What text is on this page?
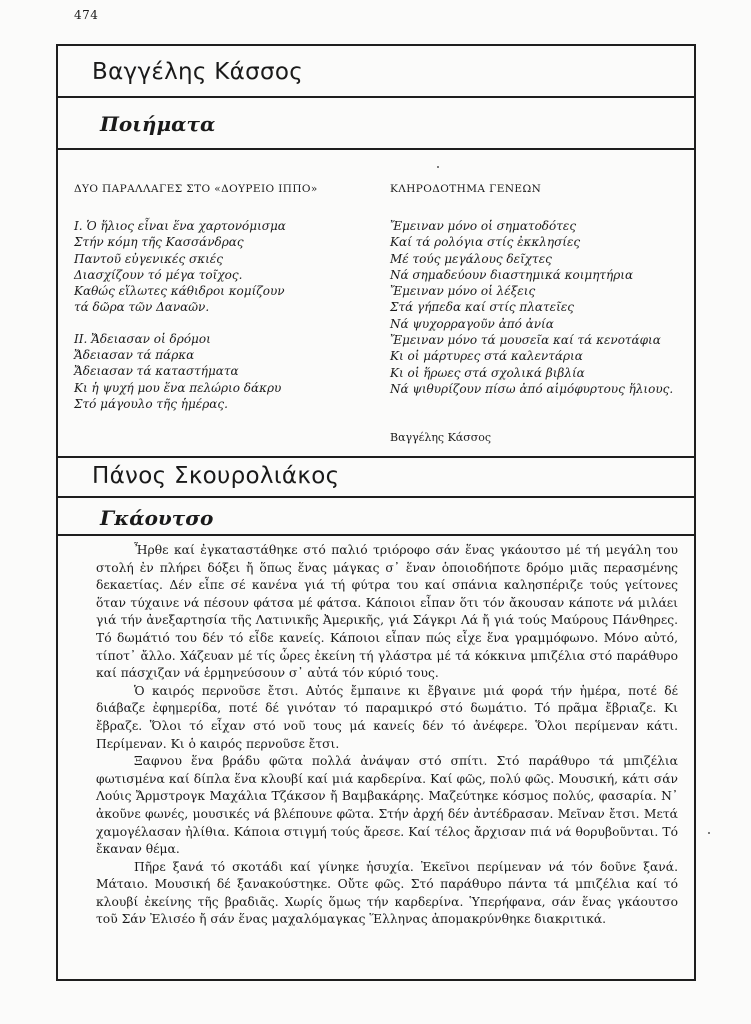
474
Βαγγέλης Κάσσος
Ποιήματα
ΔΥΟ ΠΑΡΑΛΛΑΓΕΣ ΣΤΟ «ΔΟΥΡΕΙΟ ΙΠΠΟ»
Ι. Ὁ ἥλιος εἶναι ἕνα χαρτονόμισμα
Στήν κόμη τῆς Κασσάνδρας
Παντοῦ εὐγενικές σκιές
Διασχίζουν τό μέγα τοῖχος.
Καθώς εἵλωτες κάθιδροι κομίζουν
τά δῶρα τῶν Δαναῶν.
ΙΙ. Ἄδειασαν οἱ δρόμοι
Ἄδειασαν τά πάρκα
Ἄδειασαν τά καταστήματα
Κι ἡ ψυχή μου ἕνα πελώριο δάκρυ
Στό μάγουλο τῆς ἡμέρας.
ΚΛΗΡΟΔΟΤΗΜΑ ΓΕΝΕΩΝ
Ἔμειναν μόνο οἱ σηματοδότες
Καί τά ρολόγια στίς ἐκκλησίες
Μέ τούς μεγάλους δεῖχτες
Νά σημαδεύουν διαστημικά κοιμητήρια
Ἔμειναν μόνο οἱ λέξεις
Στά γήπεδα καί στίς πλατεῖες
Νά ψυχορραγοῦν ἀπό ἀνία
Ἔμειναν μόνο τά μουσεῖα καί τά κενοτάφια
Κι οἱ μάρτυρες στά καλεντάρια
Κι οἱ ἥρωες στά σχολικά βιβλία
Νά ψιθυρίζουν πίσω ἀπό αἱμόφυρτους ἥλιους.
Βαγγέλης Κάσσος
Πάνος Σκουρολιάκος
Γκάουτσο

Ἦρθε καί ἐγκαταστάθηκε στό παλιό τριόροφο σάν ἕνας γκάουτσο μέ τή μεγάλη του στολή ἐν πλήρει δόξει ἤ ὅπως ἕνας μάγκας σ᾽ ἕναν ὁποιοδήποτε δρόμο μιᾶς περασμένης δεκαετίας. Δέν εἶπε σέ κανένα γιά τή φύτρα του καί σπάνια καλησπέριζε τούς γείτονες ὅταν τύχαινε νά πέσουν φάτσα μέ φάτσα. Κάποιοι εἶπαν ὅτι τόν ἄκουσαν κάποτε νά μιλάει γιά τήν ἀνεξαρτησία τῆς Λατινικῆς Ἀμερικῆς, γιά Σάγκρι Λά ἤ γιά τούς Μαύρους Πάνθηρες. Τό δωμάτιό του δέν τό εἶδε κανείς. Κάποιοι εἶπαν πώς εἶχε ἕνα γραμμόφωνο. Μόνο αὐτό, τίποτ᾽ ἄλλο. Χάζευαν μέ τίς ὧρες ἐκείνη τή γλάστρα μέ τά κόκκινα μπιζέλια στό παράθυρο καί πάσχιζαν νά ἑρμηνεύσουν σ᾽ αὐτά τόν κύριό τους.

Ὁ καιρός περνοῦσε ἔτσι. Αὐτός ἔμπαινε κι ἔβγαινε μιά φορά τήν ἡμέρα, ποτέ δέ διάβαζε ἐφημερίδα, ποτέ δέ γινόταν τό παραμικρό στό δωμάτιο. Τό πρᾶμα ἔβριαζε. Κι ἔβραζε. Ὅλοι τό εἶχαν στό νοῦ τους μά κανείς δέν τό ἀνέφερε. Ὅλοι περίμεναν κάτι. Περίμεναν. Κι ὁ καιρός περνοῦσε ἔτσι.

Ξαφνου ἕνα βράδυ φῶτα πολλά ἀνάψαν στό σπίτι. Στό παράθυρο τά μπιζέλια φωτισμένα καί δίπλα ἕνα κλουβί καί μιά καρδερίνα. Καί φῶς, πολύ φῶς. Μουσική, κάτι σάν Λούις Ἄρμστρογκ Μαχάλια Τζάκσον ἤ Βαμβακάρης. Μαζεύτηκε κόσμος πολύς, φασαρία. Ν᾽ ἀκοῦνε φωνές, μουσικές νά βλέπουνε φῶτα. Στήν ἀρχή δέν ἀντέδρασαν. Μεῖναν ἔτσι. Μετά χαμογέλασαν ἠλίθια. Κάποια στιγμή τούς ἄρεσε. Καί τέλος ἄρχισαν πιά νά θορυβοῦνται. Τό ἔκαναν θέμα.

Πῆρε ξανά τό σκοτάδι καί γίνηκε ἡσυχία. Ἐκεῖνοι περίμεναν νά τόν δοῦνε ξανά. Μάταιο. Μουσική δέ ξανακούστηκε. Οὔτε φῶς. Στό παράθυρο πάντα τά μπιζέλια καί τό κλουβί ἐκείνης τῆς βραδιᾶς. Χωρίς ὅμως τήν καρδερίνα. Ὑπερήφανα, σάν ἕνας γκάουτσο τοῦ Σάν Ἐλισέο ἤ σάν ἕνας μαχαλόμαγκας Ἕλληνας ἀπομακρύνθηκε διακριτικά.
